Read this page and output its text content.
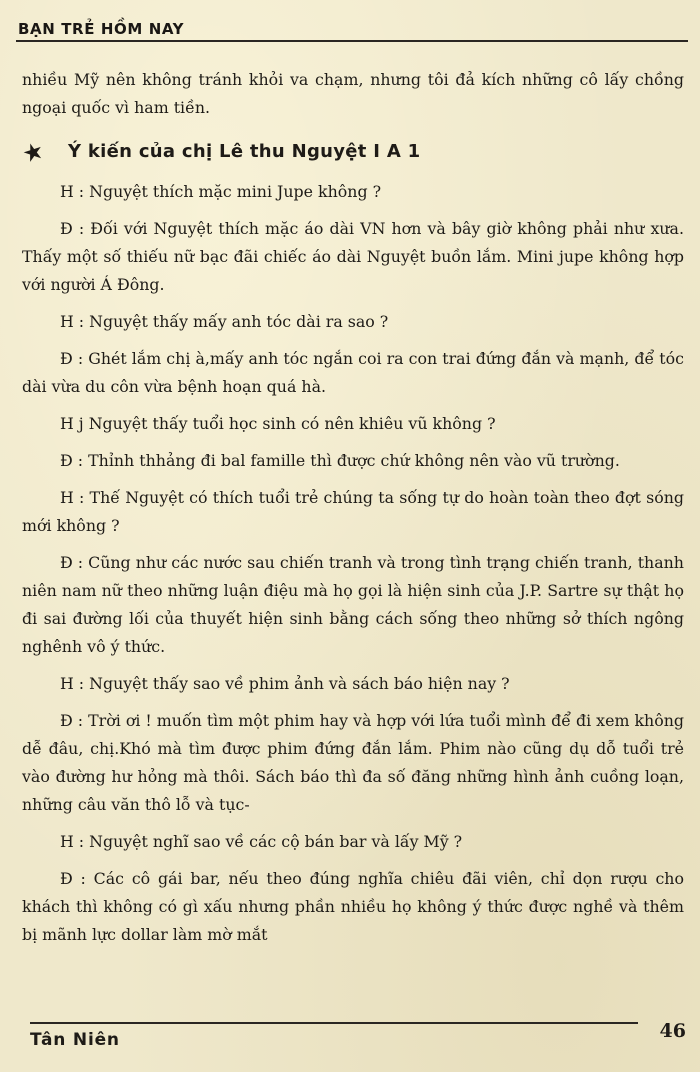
BẠN TRẺ HỒM NAY

nhiều Mỹ nên không tránh khỏi va chạm, nhưng tôi đả kích những cô lấy chồng ngoại quốc vì ham tiền.

Ý kiến của chị Lê thu Nguyệt I A 1

H : Nguyệt thích mặc mini Jupe không ?

Đ : Đối với Nguyệt thích mặc áo dài VN hơn và bây giờ không phải như xưa. Thấy một số thiếu nữ bạc đãi chiếc áo dài Nguyệt buồn lắm. Mini jupe không hợp với người Á Đông.

H : Nguyệt thấy mấy anh tóc dài ra sao ?

Đ : Ghét lắm chị à,mấy anh tóc ngắn coi ra con trai đứng đắn và mạnh, để tóc dài vừa du côn vừa bệnh hoạn quá hà.

H j Nguyệt thấy tuổi học sinh có nên khiêu vũ không ?

Đ : Thỉnh thhảng đi bal famille thì được chứ không nên vào vũ trường.

H : Thế Nguyệt có thích tuổi trẻ chúng ta sống tự do hoàn toàn theo đợt sóng mới không ?

Đ : Cũng như các nước sau chiến tranh và trong tình trạng chiến tranh, thanh niên nam nữ theo những luận điệu mà họ gọi là hiện sinh của J.P. Sartre sự thật họ đi sai đường lối của thuyết hiện sinh bằng cách sống theo những sở thích ngông nghênh vô ý thức.

H : Nguyệt thấy sao về phim ảnh và sách báo hiện nay ?

Đ : Trời ơi ! muốn tìm một phim hay và hợp với lứa tuổi mình để đi xem không dễ đâu, chị.Khó mà tìm được phim đứng đắn lắm. Phim nào cũng dụ dỗ tuổi trẻ vào đường hư hỏng mà thôi. Sách báo thì đa số đăng những hình ảnh cuồng loạn, những câu văn thô lỗ và tục-

H : Nguyệt nghĩ sao về các cộ bán bar và lấy Mỹ ?

Đ : Các cô gái bar, nếu theo đúng nghĩa chiêu đãi viên, chỉ dọn rượu cho khách thì không có gì xấu nhưng phần nhiều họ không ý thức được nghề và thêm bị mãnh lực dollar làm mờ mắt

Tân Niên	46
